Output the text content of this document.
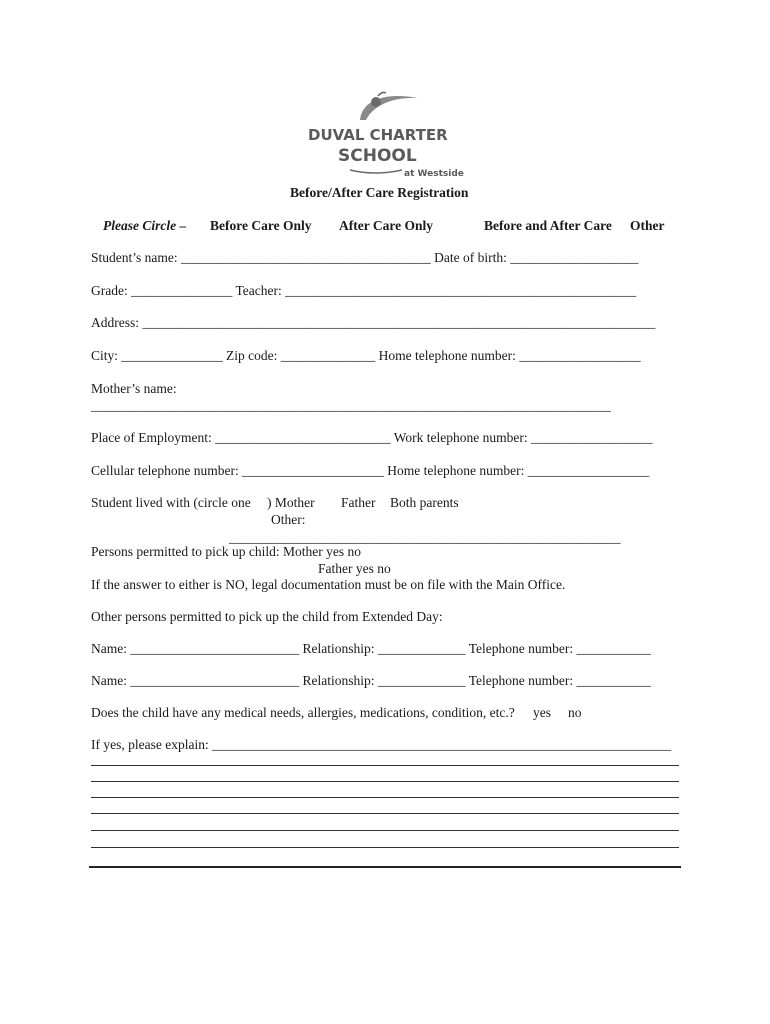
DUVAL CHARTER
SCHOOL
at Westside
Before/After Care Registration
Please Circle – Before Care Only After Care Only	Before and After Care Other
Student’s name: _____________________________________ Date of birth: ___________________
Grade: _______________ Teacher: ____________________________________________________
Address: ____________________________________________________________________________
City: _______________ Zip code: ______________ Home telephone number: __________________
Mother’s name:
_____________________________________________________________________________
Place of Employment: __________________________ Work telephone number: __________________
Cellular telephone number: _____________________ Home telephone number: __________________
Student lived with (circle one ) Mother Father Both parents
Other:
__________________________________________________________
Persons permitted to pick up child: Mother yes no
Father yes no
If the answer to either is NO, legal documentation must be on file with the Main Office.
Other persons permitted to pick up the child from Extended Day:
Name: _________________________ Relationship: _____________ Telephone number: ___________
Name: _________________________ Relationship: _____________ Telephone number: ___________
Does the child have any medical needs, allergies, medications, condition, etc.? yes no
If yes, please explain: ____________________________________________________________________
